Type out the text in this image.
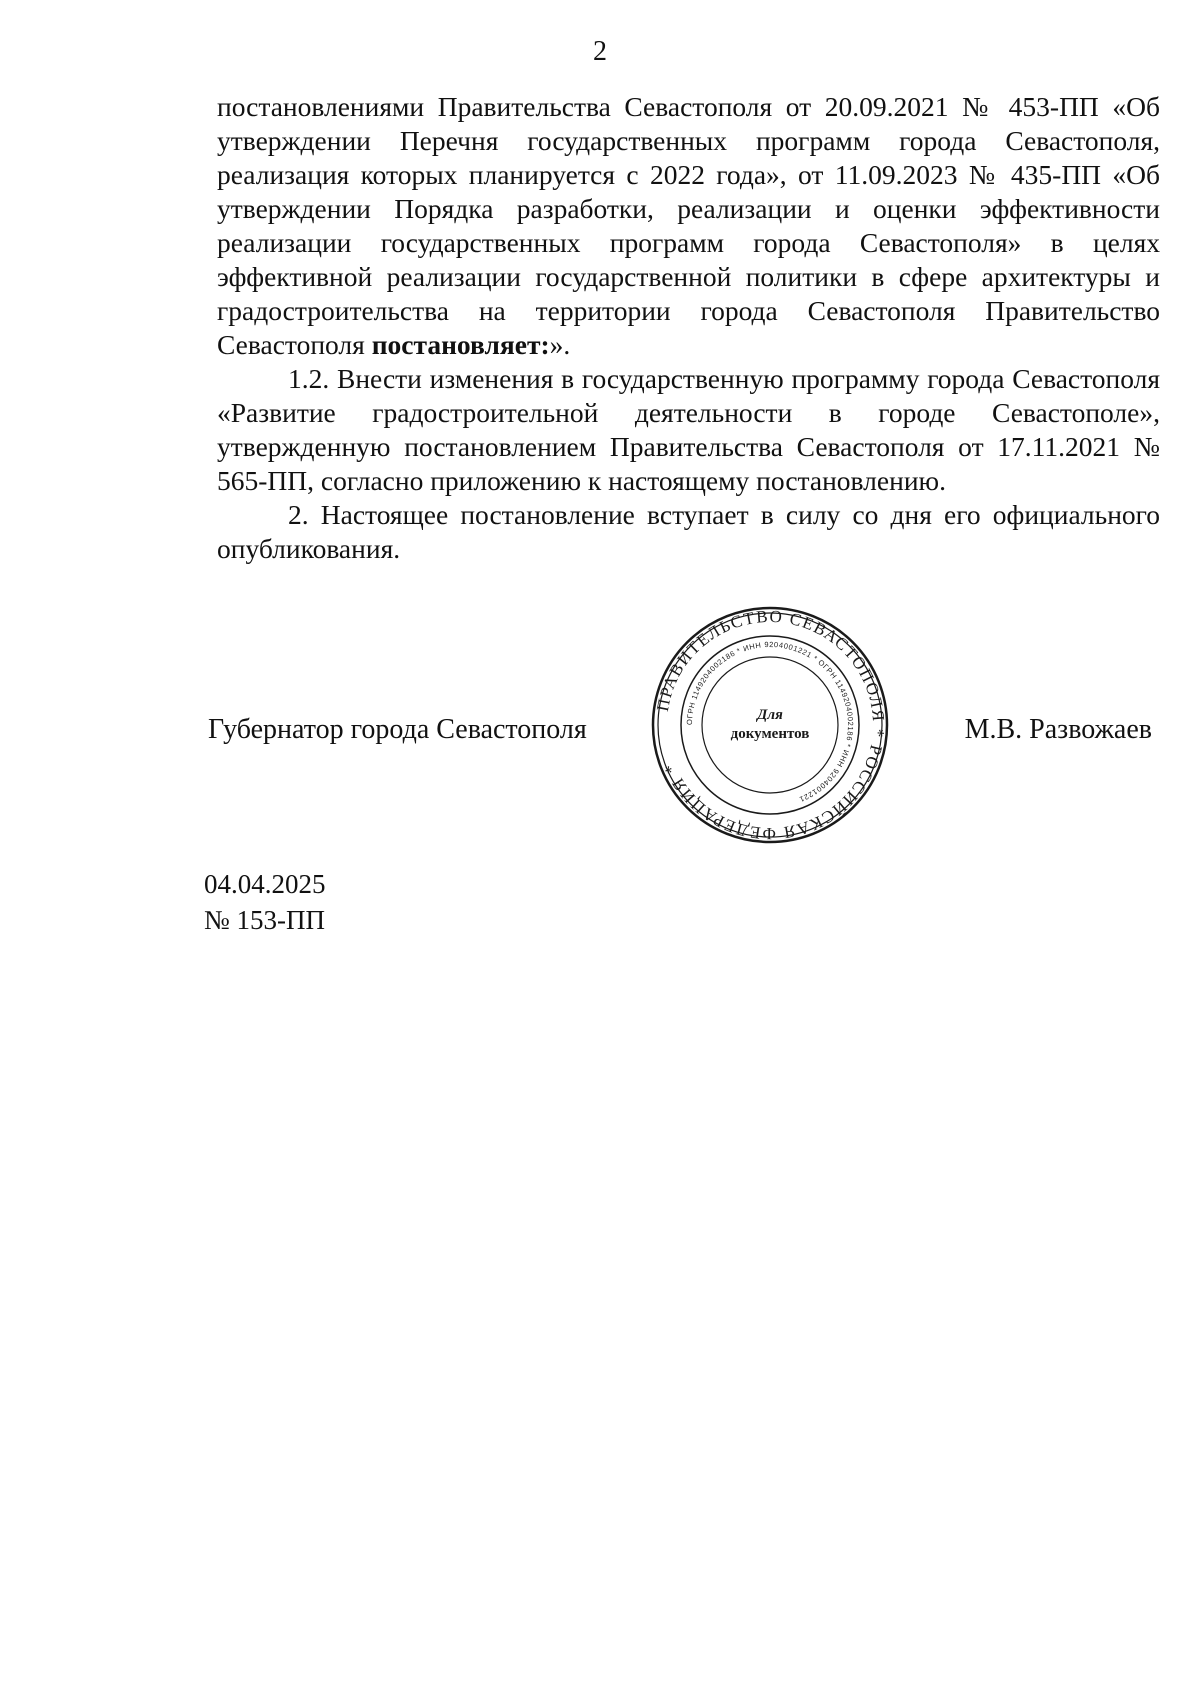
2

постановлениями Правительства Севастополя от 20.09.2021 № 453-ПП «Об утверждении Перечня государственных программ города Севастополя, реализация которых планируется с 2022 года», от 11.09.2023 № 435-ПП «Об утверждении Порядка разработки, реализации и оценки эффективности реализации государственных программ города Севастополя» в целях эффективной реализации государственной политики в сфере архитектуры и градостроительства на территории города Севастополя Правительство Севастополя постановляет:».

1.2. Внести изменения в государственную программу города Севастополя «Развитие градостроительной деятельности в городе Севастополе», утвержденную постановлением Правительства Севастополя от 17.11.2021 № 565-ПП, согласно приложению к настоящему постановлению.

2. Настоящее постановление вступает в силу со дня его официального опубликования.

Губернатор города Севастополя	М.В. Развожаев
ПРАВИТЕЛЬСТВО СЕВАСТОПОЛЯ * РОССИЙСКАЯ ФЕДЕРАЦИЯ *
ОГРН 1149204002186 * ИНН 9204001221 * ОГРН 1149204002186 * ИНН 9204001221
Для
документов
04.04.2025
№ 153-ПП
